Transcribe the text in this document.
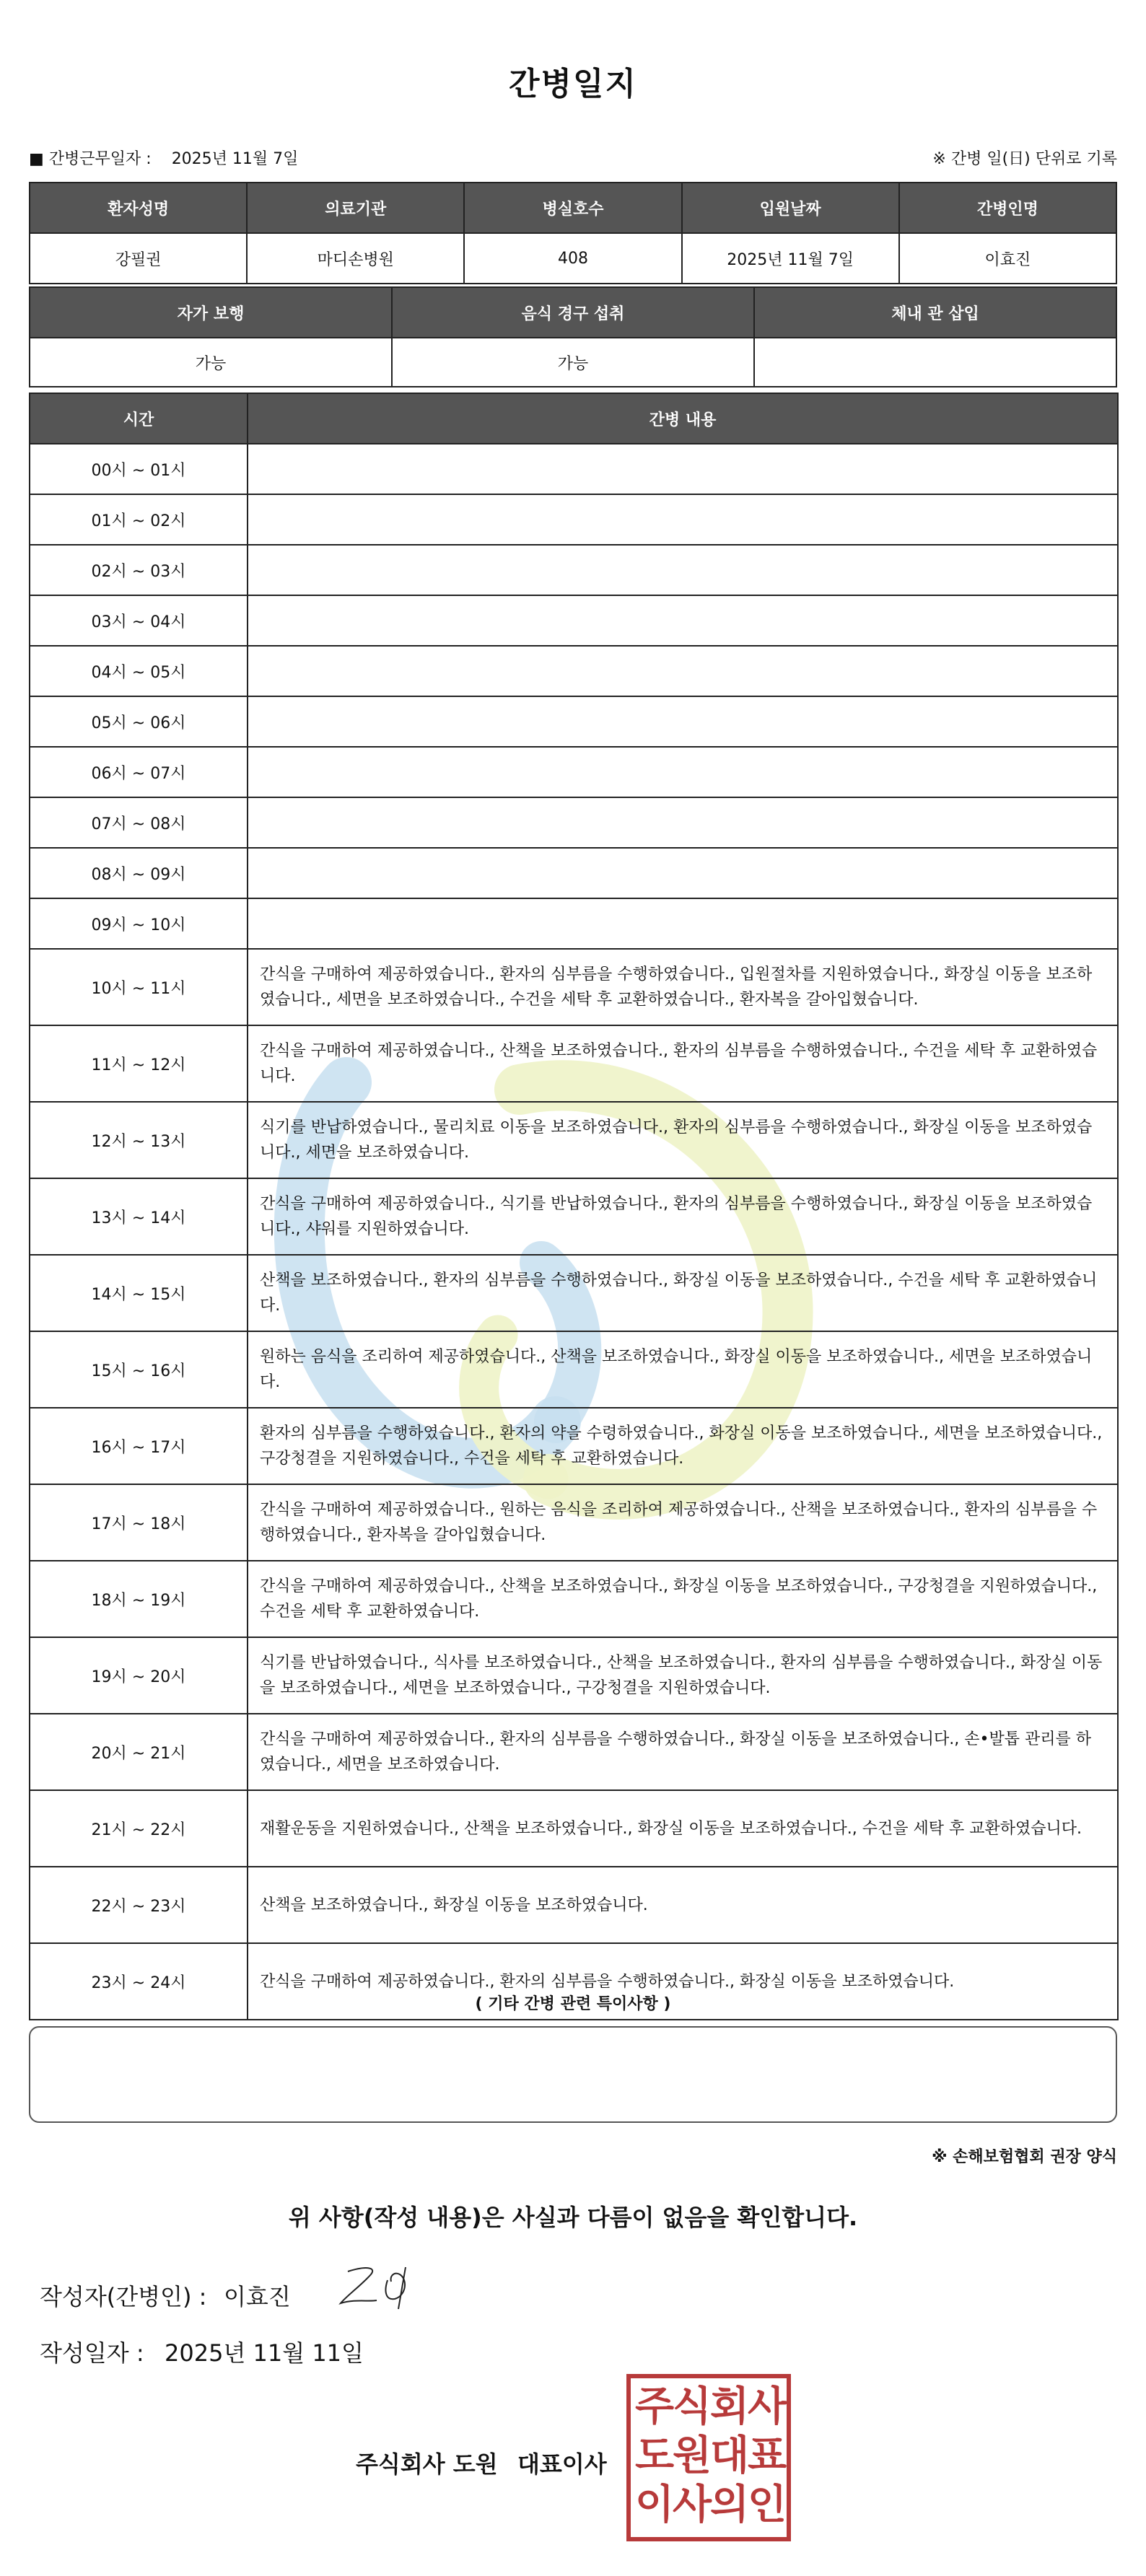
간병일지
■ 간병근무일자 : 2025년 11월 7일	※ 간병 일(日) 단위로 기록
환자성명	의료기관	병실호수	입원날짜	간병인명
강필권	마디손병원	408	2025년 11월 7일	이효진
자가 보행	음식 경구 섭취	체내 관 삽입
가능	가능	
시간	간병 내용
00시 ~ 01시	
01시 ~ 02시	
02시 ~ 03시	
03시 ~ 04시	
04시 ~ 05시	
05시 ~ 06시	
06시 ~ 07시	
07시 ~ 08시	
08시 ~ 09시	
09시 ~ 10시	
10시 ~ 11시	간식을 구매하여 제공하였습니다., 환자의 심부름을 수행하였습니다., 입원절차를 지원하였습니다., 화장실 이동을 보조하였습니다., 세면을 보조하였습니다., 수건을 세탁 후 교환하였습니다., 환자복을 갈아입혔습니다.
11시 ~ 12시	간식을 구매하여 제공하였습니다., 산책을 보조하였습니다., 환자의 심부름을 수행하였습니다., 수건을 세탁 후 교환하였습니다.
12시 ~ 13시	식기를 반납하였습니다., 물리치료 이동을 보조하였습니다., 환자의 심부름을 수행하였습니다., 화장실 이동을 보조하였습니다., 세면을 보조하였습니다.
13시 ~ 14시	간식을 구매하여 제공하였습니다., 식기를 반납하였습니다., 환자의 심부름을 수행하였습니다., 화장실 이동을 보조하였습니다., 샤워를 지원하였습니다.
14시 ~ 15시	산책을 보조하였습니다., 환자의 심부름을 수행하였습니다., 화장실 이동을 보조하였습니다., 수건을 세탁 후 교환하였습니다.
15시 ~ 16시	원하는 음식을 조리하여 제공하였습니다., 산책을 보조하였습니다., 화장실 이동을 보조하였습니다., 세면을 보조하였습니다.
16시 ~ 17시	환자의 심부름을 수행하였습니다., 환자의 약을 수령하였습니다., 화장실 이동을 보조하였습니다., 세면을 보조하였습니다., 구강청결을 지원하였습니다., 수건을 세탁 후 교환하였습니다.
17시 ~ 18시	간식을 구매하여 제공하였습니다., 원하는 음식을 조리하여 제공하였습니다., 산책을 보조하였습니다., 환자의 심부름을 수행하였습니다., 환자복을 갈아입혔습니다.
18시 ~ 19시	간식을 구매하여 제공하였습니다., 산책을 보조하였습니다., 화장실 이동을 보조하였습니다., 구강청결을 지원하였습니다., 수건을 세탁 후 교환하였습니다.
19시 ~ 20시	식기를 반납하였습니다., 식사를 보조하였습니다., 산책을 보조하였습니다., 환자의 심부름을 수행하였습니다., 화장실 이동을 보조하였습니다., 세면을 보조하였습니다., 구강청결을 지원하였습니다.
20시 ~ 21시	간식을 구매하여 제공하였습니다., 환자의 심부름을 수행하였습니다., 화장실 이동을 보조하였습니다., 손•발톱 관리를 하였습니다., 세면을 보조하였습니다.
21시 ~ 22시	재활운동을 지원하였습니다., 산책을 보조하였습니다., 화장실 이동을 보조하였습니다., 수건을 세탁 후 교환하였습니다.
22시 ~ 23시	산책을 보조하였습니다., 화장실 이동을 보조하였습니다.
23시 ~ 24시	간식을 구매하여 제공하였습니다., 환자의 심부름을 수행하였습니다., 화장실 이동을 보조하였습니다.
( 기타 간병 관련 특이사항 )
※ 손해보험협회 권장 양식
위 사항(작성 내용)은 사실과 다름이 없음을 확인합니다.
작성자(간병인) : 이효진
작성일자 : 2025년 11월 11일
주식회사 도원 대표이사
주
식
회
사
도
원
대
표
이
사
의
인
